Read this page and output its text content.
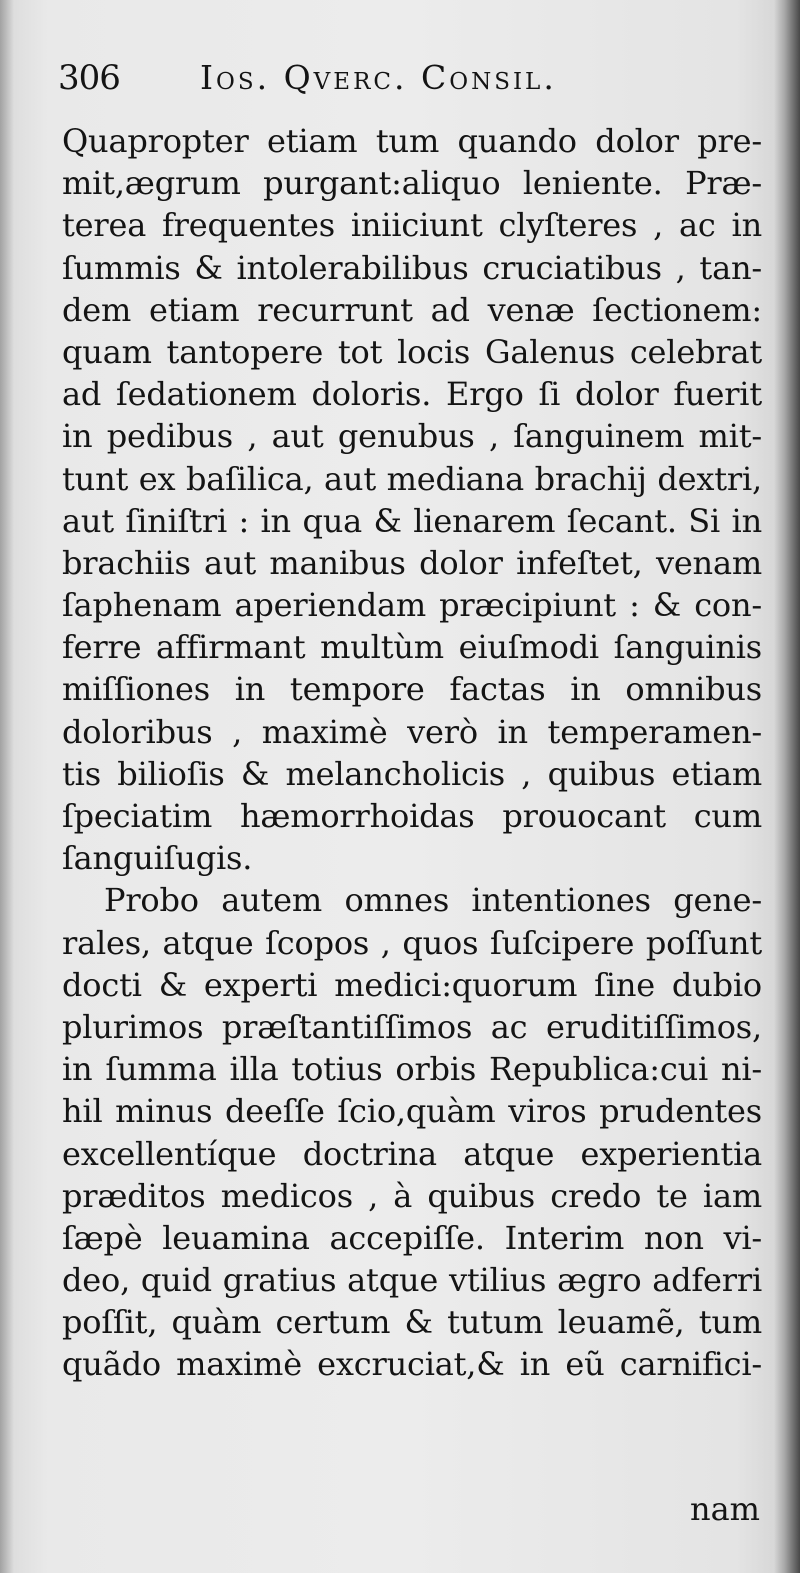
306 Ios. Qverc. Consil.
Quapropter etiam tum quando dolor pre-
mit,ægrum purgant:aliquo leniente. Præ-
terea frequentes iniiciunt clyſteres , ac in
ſummis & intolerabilibus cruciatibus , tan-
dem etiam recurrunt ad venæ ſectionem:
quam tantopere tot locis Galenus celebrat
ad ſedationem doloris. Ergo ſi dolor fuerit
in pedibus , aut genubus , ſanguinem mit-
tunt ex baſilica, aut mediana brachij dextri,
aut ſiniſtri : in qua & lienarem ſecant. Si in
brachiis aut manibus dolor infeſtet, venam
ſaphenam aperiendam præcipiunt : & con-
ferre affirmant multùm eiuſmodi ſanguinis
miſſiones in tempore factas in omnibus
doloribus , maximè verò in temperamen-
tis bilioſis & melancholicis , quibus etiam
ſpeciatim hæmorrhoidas prouocant cum
ſanguiſugis.
Probo autem omnes intentiones gene-
rales, atque ſcopos , quos ſuſcipere poſſunt
docti & experti medici:quorum ſine dubio
plurimos præſtantiſſimos ac eruditiſſimos,
in ſumma illa totius orbis Republica:cui ni-
hil minus deeſſe ſcio,quàm viros prudentes
excellentíque doctrina atque experientia
præditos medicos , à quibus credo te iam
ſæpè leuamina accepiſſe. Interim non vi-
deo, quid gratius atque vtilius ægro adferri
poſſit, quàm certum & tutum leuamẽ, tum
quãdo maximè excruciat,& in eũ carnifici-
nam
